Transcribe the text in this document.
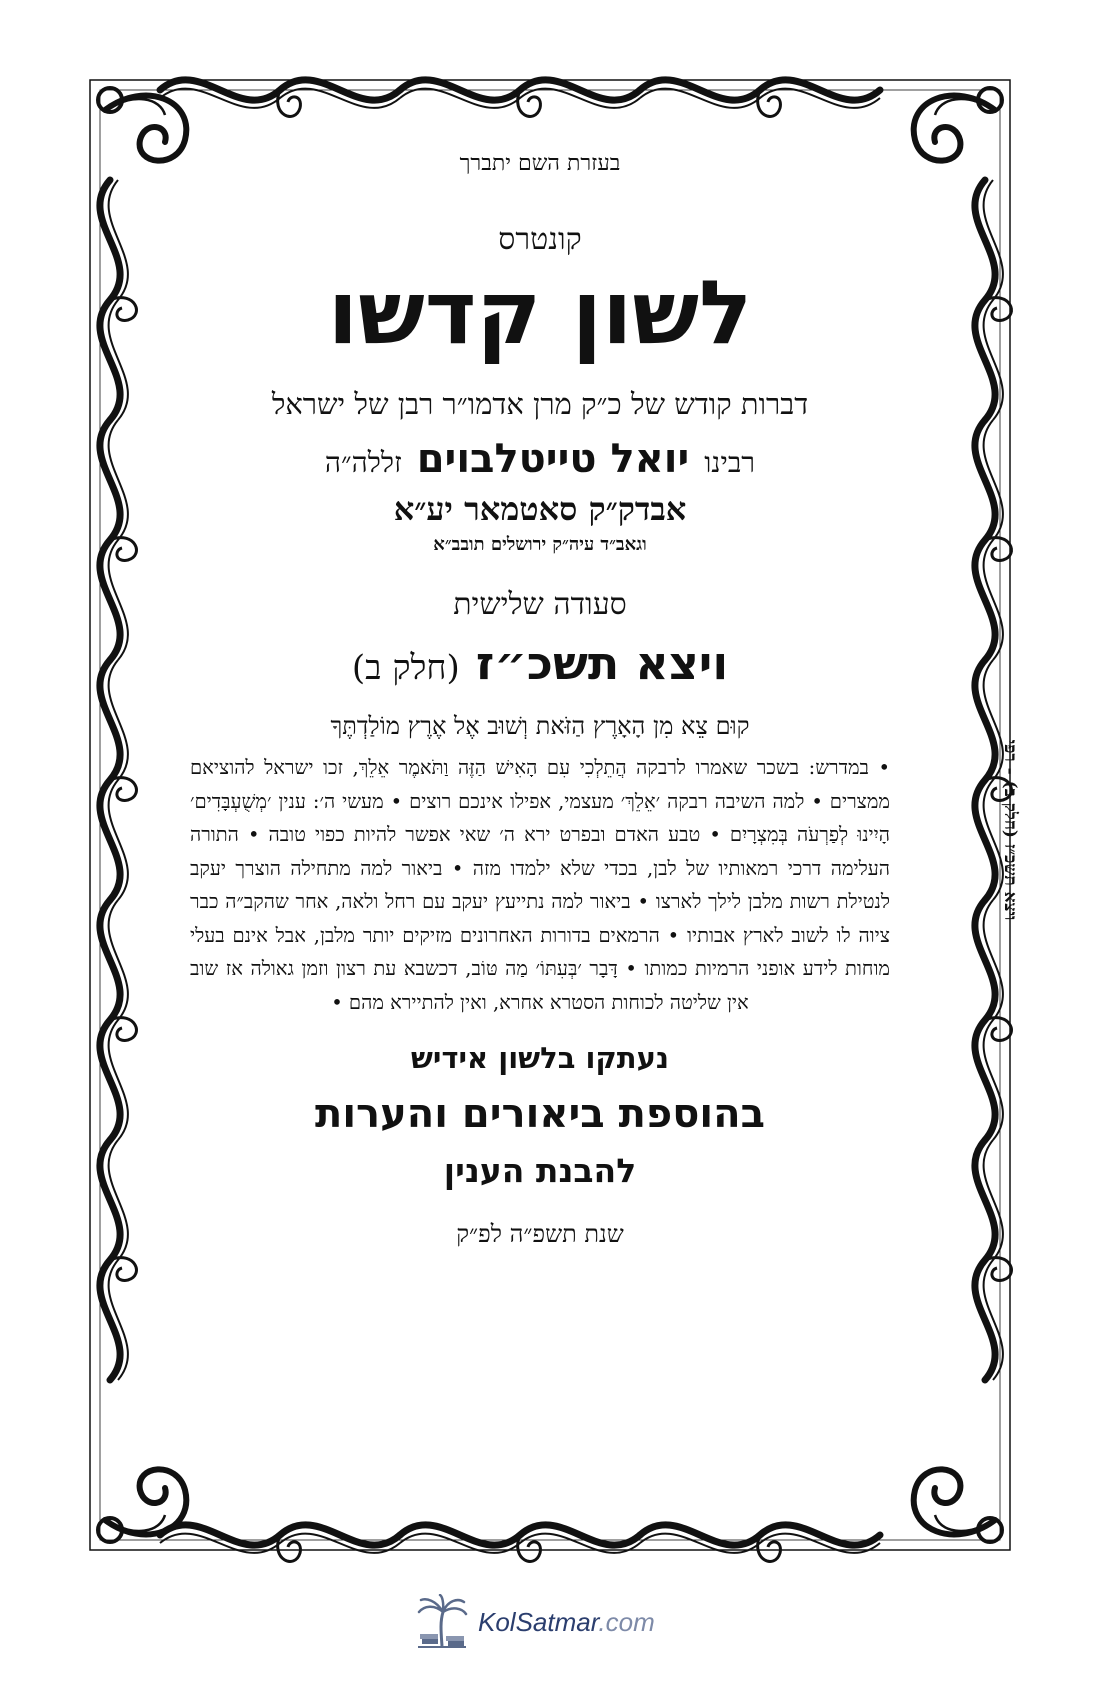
בעזרת השם יתברך

קונטרס

לשון קדשו

דברות קודש של כ״ק מרן אדמו״ר רבן של ישראל

רבינו יואל טייטלבוים זללה״ה

אבדק״ק סאטמאר יע״א

וגאב״ד עיה״ק ירושלים תובב״א

סעודה שלישית

ויצא תשכ״ז (חלק ב)

קוּם צֵא מִן הָאָרֶץ הַזֹּאת וְשׁוּב אֶל אֶרֶץ מוֹלַדְתֶּךָ

• במדרש: בשכר שאמרו לרבקה הֲתֵלְכִי עִם הָאִישׁ הַזֶּה וַתֹּאמֶר אֵלֵךְ, זכו ישראל להוציאם ממצרים • למה השיבה רבקה ׳אֵלֵךְ׳ מעצמי, אפילו אינכם רוצים • מעשי ה׳: ענין ׳מְשֻׁעְבָּדִים׳ הָיִינוּ לְפַרְעֹה בְּמִצְרָיִם • טבע האדם ובפרט ירא ה׳ שאי אפשר להיות כפוי טובה • התורה העלימה דרכי רמאותיו של לבן, בכדי שלא ילמדו מזה • ביאור למה מתחילה הוצרך יעקב לנטילת רשות מלבן לילך לארצו • ביאור למה נתייעץ יעקב עם רחל ולאה, אחר שהקב״ה כבר ציוה לו לשוב לארץ אבותיו • הרמאים בדורות האחרונים מזיקים יותר מלבן, אבל אינם בעלי מוחות לידע אופני הרמיות כמותו • דָּבָר ׳בְּעִתּוֹ׳ מַה טּוֹב, דכשבא עת רצון וזמן גאולה אז שוב אין שליטה לכוחות הסטרא אחרא, ואין להתיירא מהם •

נעתקו בלשון אידיש

בהוספת ביאורים והערות

להבנת הענין

שנת תשפ״ה לפ״ק

ויצא תשכ״ז (חלק ב) - רפי
KolSatmar.com
